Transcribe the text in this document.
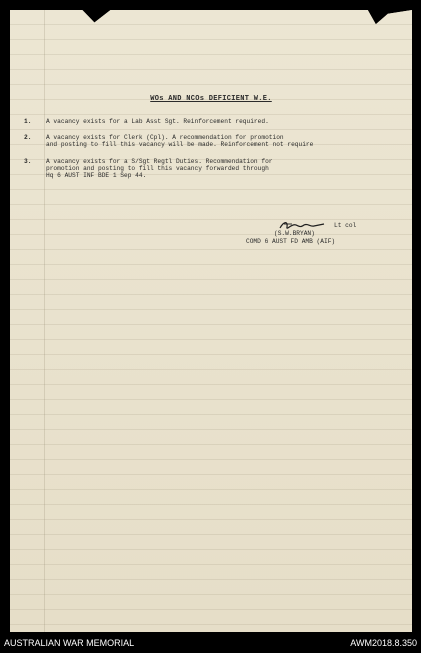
WOs AND NCOs DEFICIENT W.E.
1. A vacancy exists for a Lab Asst Sgt. Reinforcement required.
2. A vacancy exists for Clerk (Cpl). A recommendation for promotion
and posting to fill this vacancy will be made. Reinforcement not require
3. A vacancy exists for a S/Sgt Regtl Duties. Recommendation for
promotion and posting to fill this vacancy forwarded through
Hq 6 AUST INF BDE 1 Sep 44.
Lt col
(S.W.BRYAN)
COMD 6 AUST FD AMB (AIF)
AUSTRALIAN WAR MEMORIAL	AWM2018.8.350
